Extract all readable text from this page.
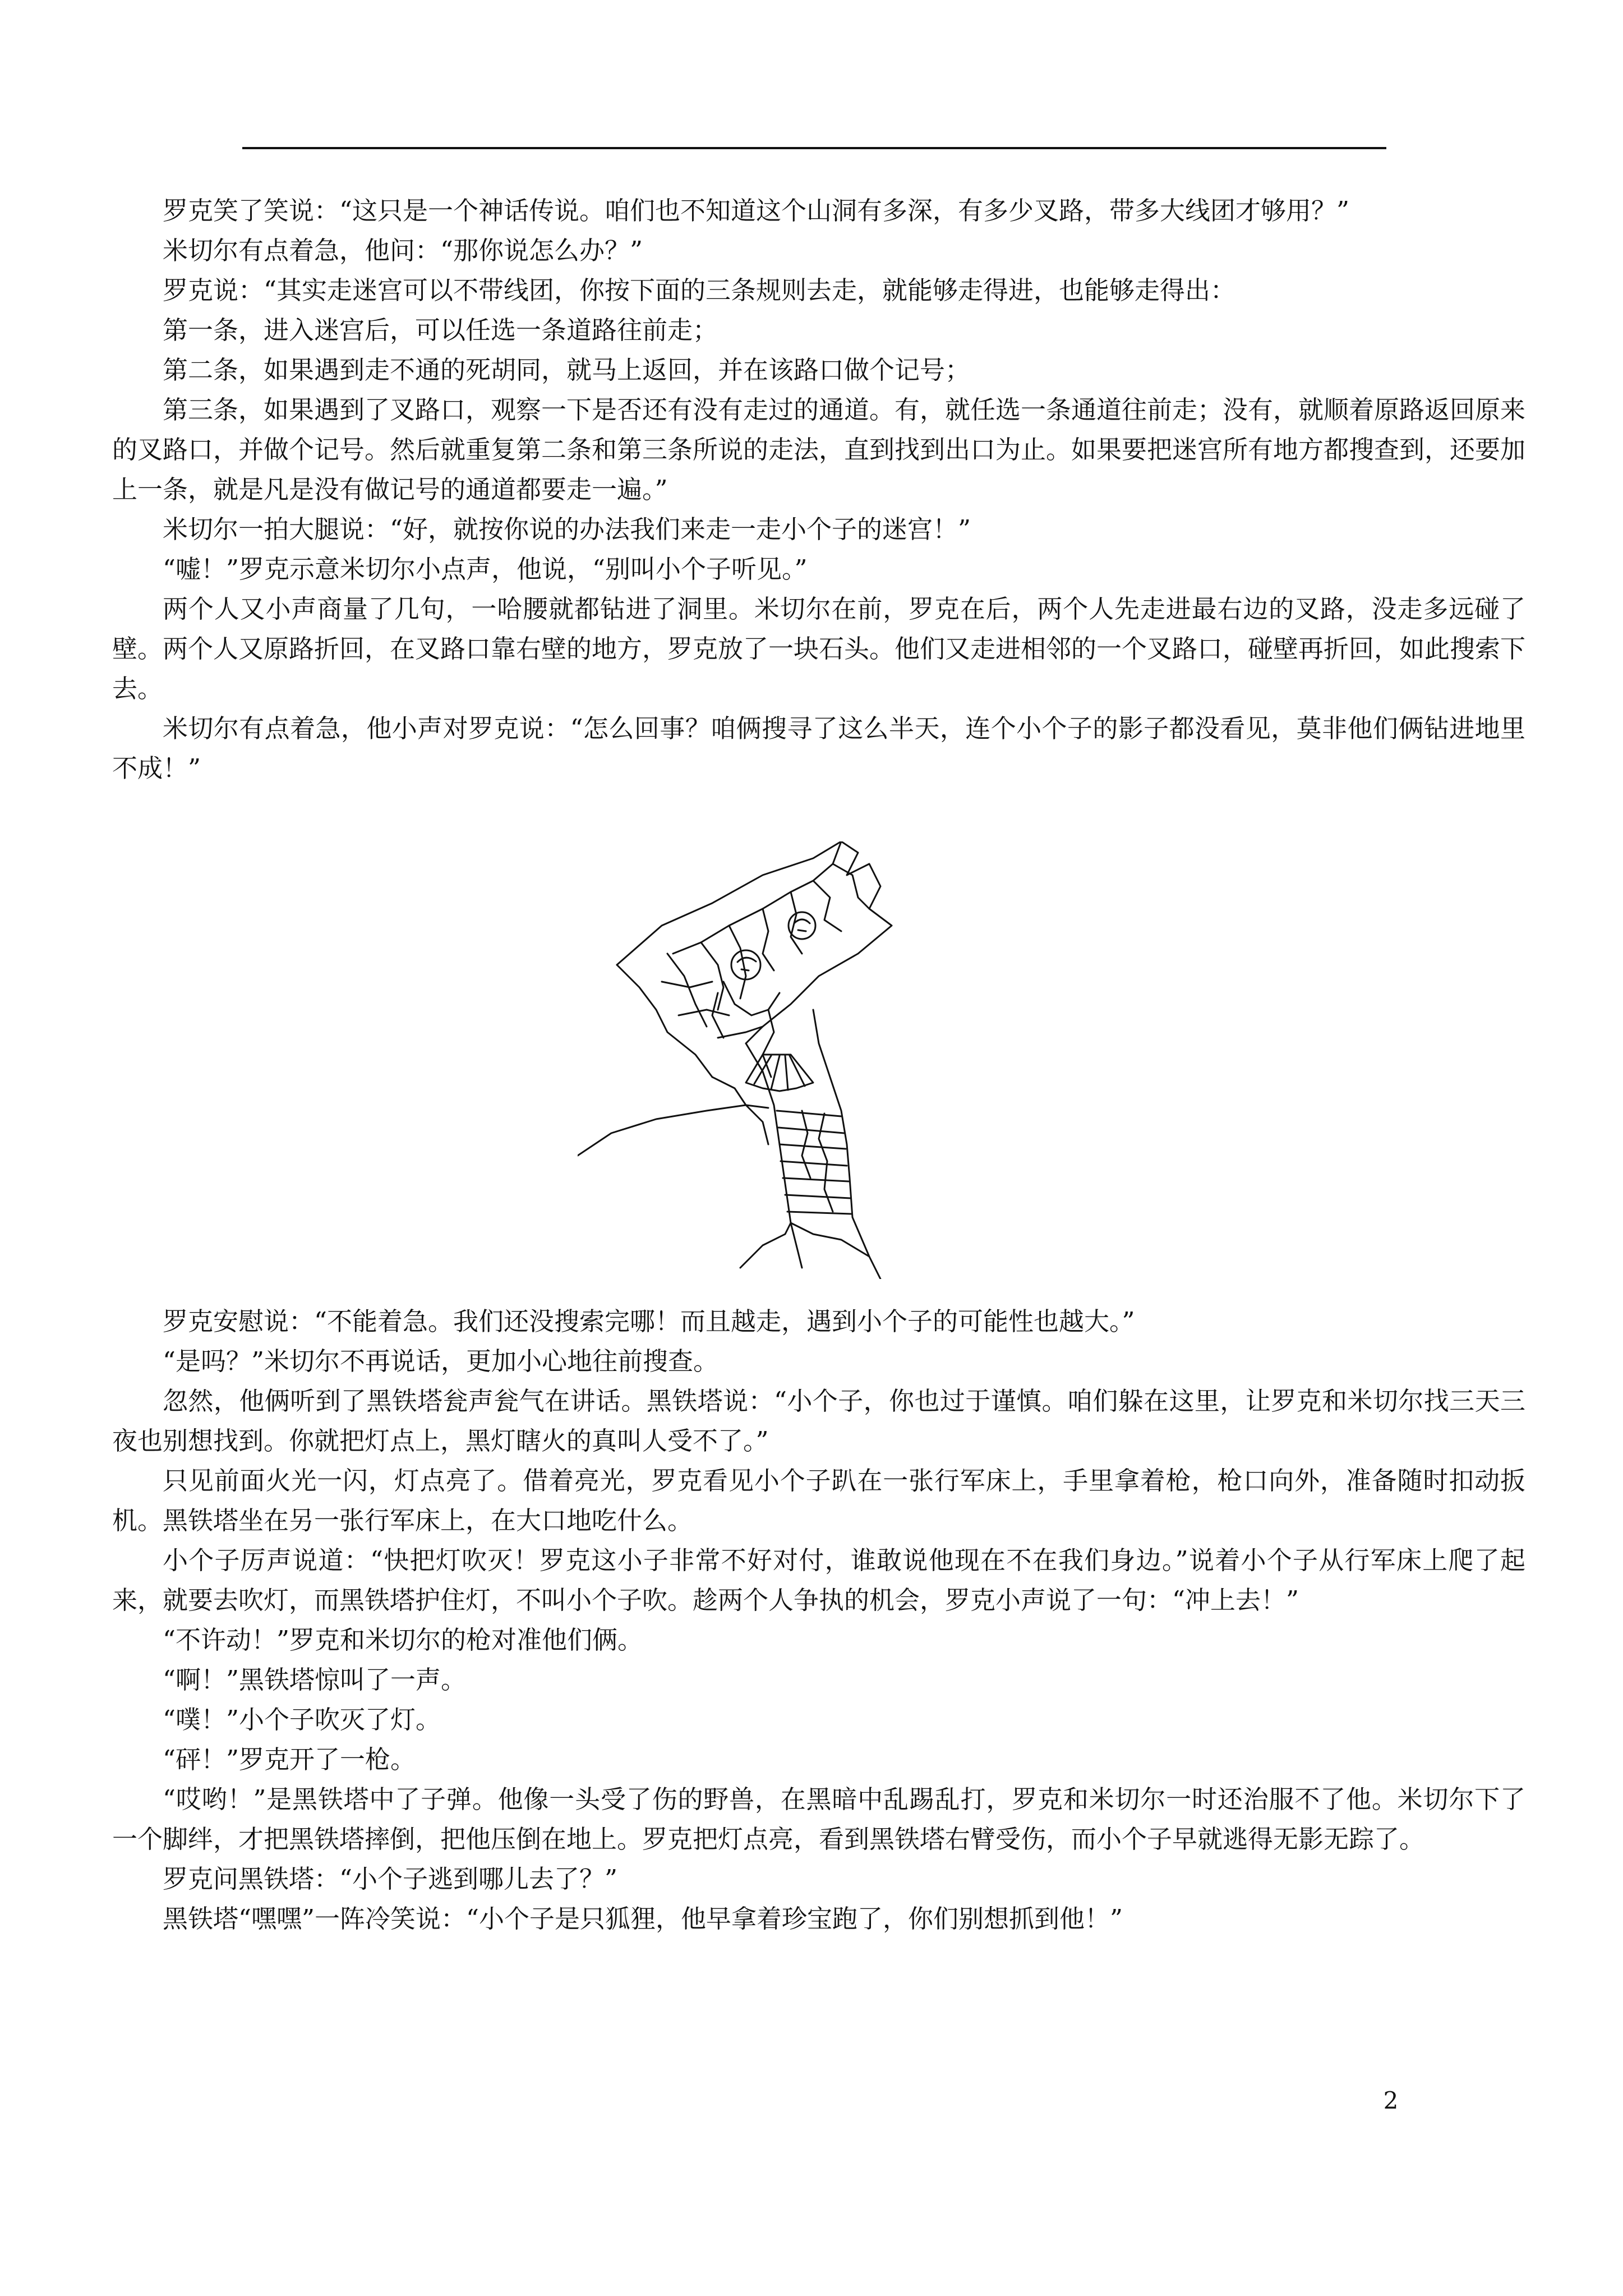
罗克笑了笑说：“这只是一个神话传说。咱们也不知道这个山洞有多深，有多少叉路，带多大线团才够用？”

米切尔有点着急，他问：“那你说怎么办？”

罗克说：“其实走迷宫可以不带线团，你按下面的三条规则去走，就能够走得进，也能够走得出：

第一条，进入迷宫后，可以任选一条道路往前走；

第二条，如果遇到走不通的死胡同，就马上返回，并在该路口做个记号；

第三条，如果遇到了叉路口，观察一下是否还有没有走过的通道。有，就任选一条通道往前走；没有，就顺着原路返回原来的叉路口，并做个记号。然后就重复第二条和第三条所说的走法，直到找到出口为止。如果要把迷宫所有地方都搜查到，还要加上一条，就是凡是没有做记号的通道都要走一遍。”

米切尔一拍大腿说：“好，就按你说的办法我们来走一走小个子的迷宫！”

“嘘！”罗克示意米切尔小点声，他说，“别叫小个子听见。”

两个人又小声商量了几句，一哈腰就都钻进了洞里。米切尔在前，罗克在后，两个人先走进最右边的叉路，没走多远碰了壁。两个人又原路折回，在叉路口靠右壁的地方，罗克放了一块石头。他们又走进相邻的一个叉路口，碰壁再折回，如此搜索下去。

米切尔有点着急，他小声对罗克说：“怎么回事？咱俩搜寻了这么半天，连个小个子的影子都没看见，莫非他们俩钻进地里不成！”

罗克安慰说：“不能着急。我们还没搜索完哪！而且越走，遇到小个子的可能性也越大。”

“是吗？”米切尔不再说话，更加小心地往前搜查。

忽然，他俩听到了黑铁塔瓮声瓮气在讲话。黑铁塔说：“小个子，你也过于谨慎。咱们躲在这里，让罗克和米切尔找三天三夜也别想找到。你就把灯点上，黑灯瞎火的真叫人受不了。”

只见前面火光一闪，灯点亮了。借着亮光，罗克看见小个子趴在一张行军床上，手里拿着枪，枪口向外，准备随时扣动扳机。黑铁塔坐在另一张行军床上，在大口地吃什么。

小个子厉声说道：“快把灯吹灭！罗克这小子非常不好对付，谁敢说他现在不在我们身边。”说着小个子从行军床上爬了起来，就要去吹灯，而黑铁塔护住灯，不叫小个子吹。趁两个人争执的机会，罗克小声说了一句：“冲上去！”

“不许动！”罗克和米切尔的枪对准他们俩。

“啊！”黑铁塔惊叫了一声。

“噗！”小个子吹灭了灯。

“砰！”罗克开了一枪。

“哎哟！”是黑铁塔中了子弹。他像一头受了伤的野兽，在黑暗中乱踢乱打，罗克和米切尔一时还治服不了他。米切尔下了一个脚绊，才把黑铁塔摔倒，把他压倒在地上。罗克把灯点亮，看到黑铁塔右臂受伤，而小个子早就逃得无影无踪了。

罗克问黑铁塔：“小个子逃到哪儿去了？”

黑铁塔“嘿嘿”一阵冷笑说：“小个子是只狐狸，他早拿着珍宝跑了，你们别想抓到他！”

2
